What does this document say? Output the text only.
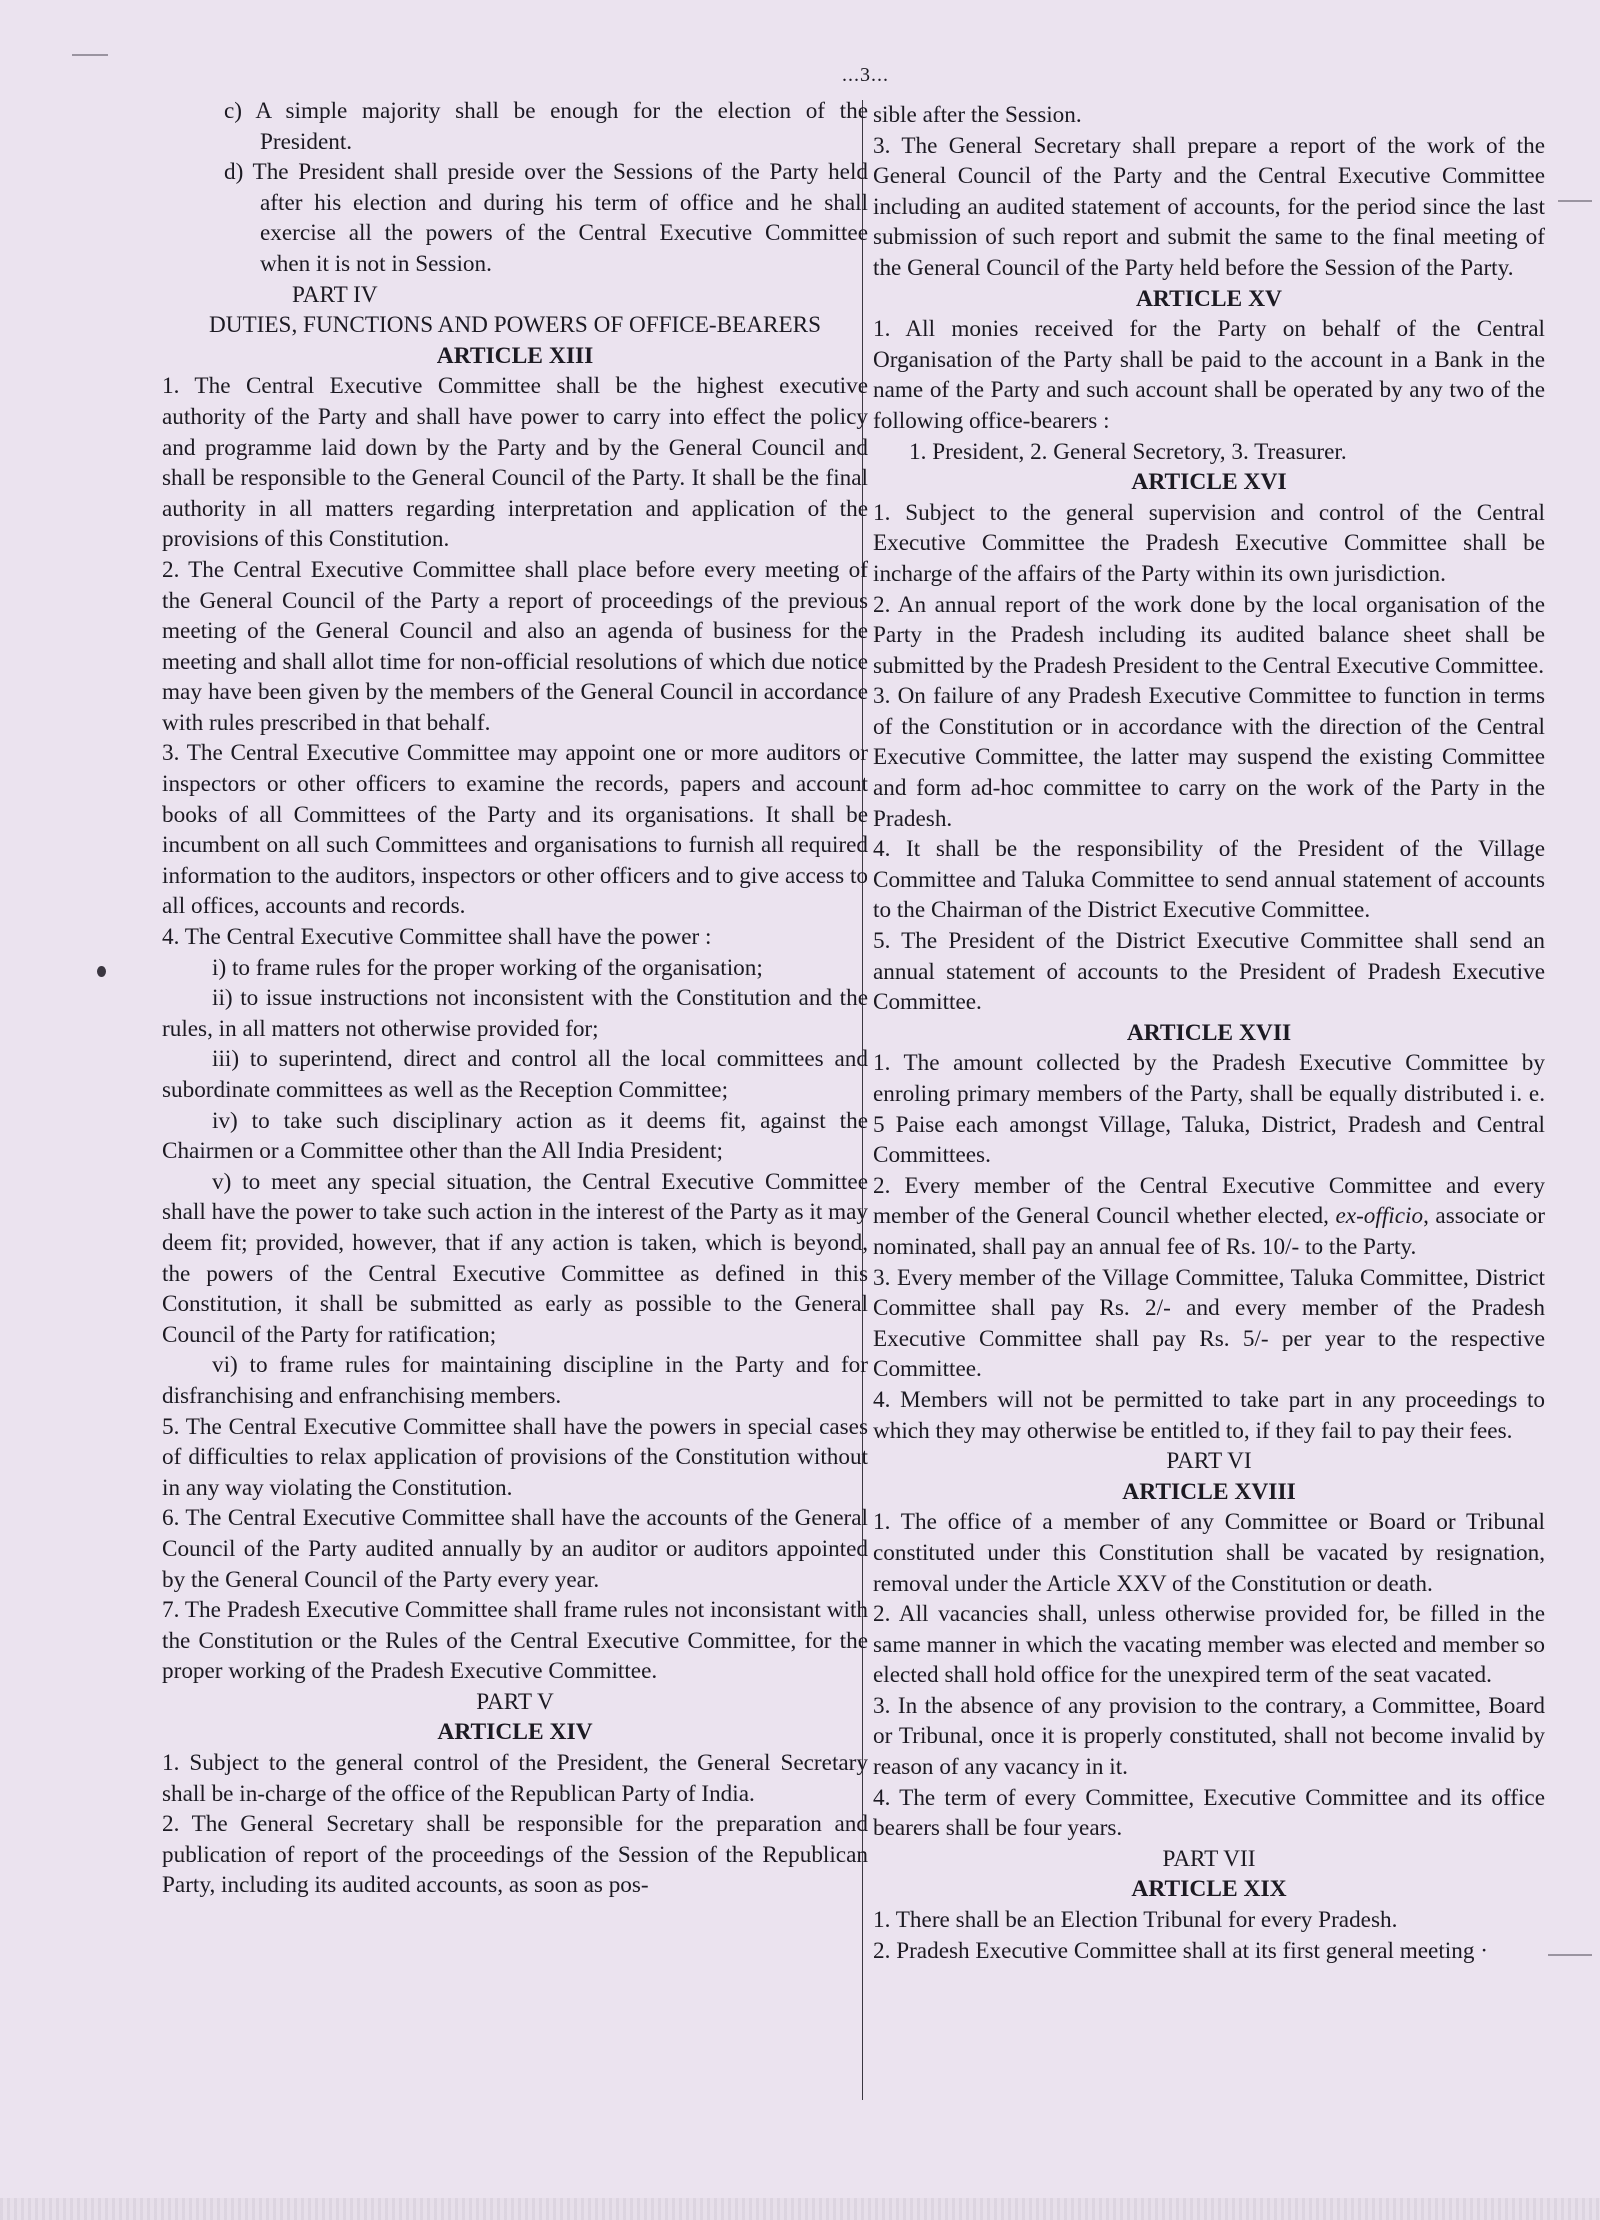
...3...

c) A simple majority shall be enough for the election of the President.

d) The President shall preside over the Sessions of the Party held after his election and during his term of office and he shall exercise all the powers of the Central Executive Committee when it is not in Session.

PART IV

DUTIES, FUNCTIONS AND POWERS OF OFFICE-BEARERS

ARTICLE XIII

1. The Central Executive Committee shall be the highest executive authority of the Party and shall have power to carry into effect the policy and programme laid down by the Party and by the General Council and shall be responsible to the General Council of the Party. It shall be the final authority in all matters regarding interpretation and application of the provisions of this Constitution.

2. The Central Executive Committee shall place before every meeting of the General Council of the Party a report of proceedings of the previous meeting of the General Council and also an agenda of business for the meeting and shall allot time for non-official resolutions of which due notice may have been given by the members of the General Council in accordance with rules prescribed in that behalf.

3. The Central Executive Committee may appoint one or more auditors or inspectors or other officers to examine the records, papers and account books of all Committees of the Party and its organisations. It shall be incumbent on all such Committees and organisations to furnish all required information to the auditors, inspectors or other officers and to give access to all offices, accounts and records.

4. The Central Executive Committee shall have the power :

i) to frame rules for the proper working of the organisation;

ii) to issue instructions not inconsistent with the Constitution and the rules, in all matters not otherwise provided for;

iii) to superintend, direct and control all the local committees and subordinate committees as well as the Reception Committee;

iv) to take such disciplinary action as it deems fit, against the Chairmen or a Committee other than the All India President;

v) to meet any special situation, the Central Executive Committee shall have the power to take such action in the interest of the Party as it may deem fit; provided, however, that if any action is taken, which is beyond, the powers of the Central Executive Committee as defined in this Constitution, it shall be submitted as early as possible to the General Council of the Party for ratification;

vi) to frame rules for maintaining discipline in the Party and for disfranchising and enfranchising members.

5. The Central Executive Committee shall have the powers in special cases of difficulties to relax application of provisions of the Constitution without in any way violating the Constitution.

6. The Central Executive Committee shall have the accounts of the General Council of the Party audited annually by an auditor or auditors appointed by the General Council of the Party every year.

7. The Pradesh Executive Committee shall frame rules not inconsistant with the Constitution or the Rules of the Central Executive Committee, for the proper working of the Pradesh Executive Committee.

PART V

ARTICLE XIV

1. Subject to the general control of the President, the General Secretary shall be in-charge of the office of the Republican Party of India.

2. The General Secretary shall be responsible for the preparation and publication of report of the proceedings of the Session of the Republican Party, including its audited accounts, as soon as pos-

sible after the Session.

3. The General Secretary shall prepare a report of the work of the General Council of the Party and the Central Executive Committee including an audited statement of accounts, for the period since the last submission of such report and submit the same to the final meeting of the General Council of the Party held before the Session of the Party.

ARTICLE XV

1. All monies received for the Party on behalf of the Central Organisation of the Party shall be paid to the account in a Bank in the name of the Party and such account shall be operated by any two of the following office-bearers :

1. President, 2. General Secretory, 3. Treasurer.

ARTICLE XVI

1. Subject to the general supervision and control of the Central Executive Committee the Pradesh Executive Committee shall be incharge of the affairs of the Party within its own jurisdiction.

2. An annual report of the work done by the local organisation of the Party in the Pradesh including its audited balance sheet shall be submitted by the Pradesh President to the Central Executive Committee.

3. On failure of any Pradesh Executive Committee to function in terms of the Constitution or in accordance with the direction of the Central Executive Committee, the latter may suspend the existing Committee and form ad-hoc committee to carry on the work of the Party in the Pradesh.

4. It shall be the responsibility of the President of the Village Committee and Taluka Committee to send annual statement of accounts to the Chairman of the District Executive Committee.

5. The President of the District Executive Committee shall send an annual statement of accounts to the President of Pradesh Executive Committee.

ARTICLE XVII

1. The amount collected by the Pradesh Executive Committee by enroling primary members of the Party, shall be equally distributed i. e. 5 Paise each amongst Village, Taluka, District, Pradesh and Central Committees.

2. Every member of the Central Executive Committee and every member of the General Council whether elected, ex-officio, associate or nominated, shall pay an annual fee of Rs. 10/- to the Party.

3. Every member of the Village Committee, Taluka Committee, District Committee shall pay Rs. 2/- and every member of the Pradesh Executive Committee shall pay Rs. 5/- per year to the respective Committee.

4. Members will not be permitted to take part in any proceedings to which they may otherwise be entitled to, if they fail to pay their fees.

PART VI

ARTICLE XVIII

1. The office of a member of any Committee or Board or Tribunal constituted under this Constitution shall be vacated by resignation, removal under the Article XXV of the Constitution or death.

2. All vacancies shall, unless otherwise provided for, be filled in the same manner in which the vacating member was elected and member so elected shall hold office for the unexpired term of the seat vacated.

3. In the absence of any provision to the contrary, a Committee, Board or Tribunal, once it is properly constituted, shall not become invalid by reason of any vacancy in it.

4. The term of every Committee, Executive Committee and its office bearers shall be four years.

PART VII

ARTICLE XIX

1. There shall be an Election Tribunal for every Pradesh.

2. Pradesh Executive Committee shall at its first general meeting ·
